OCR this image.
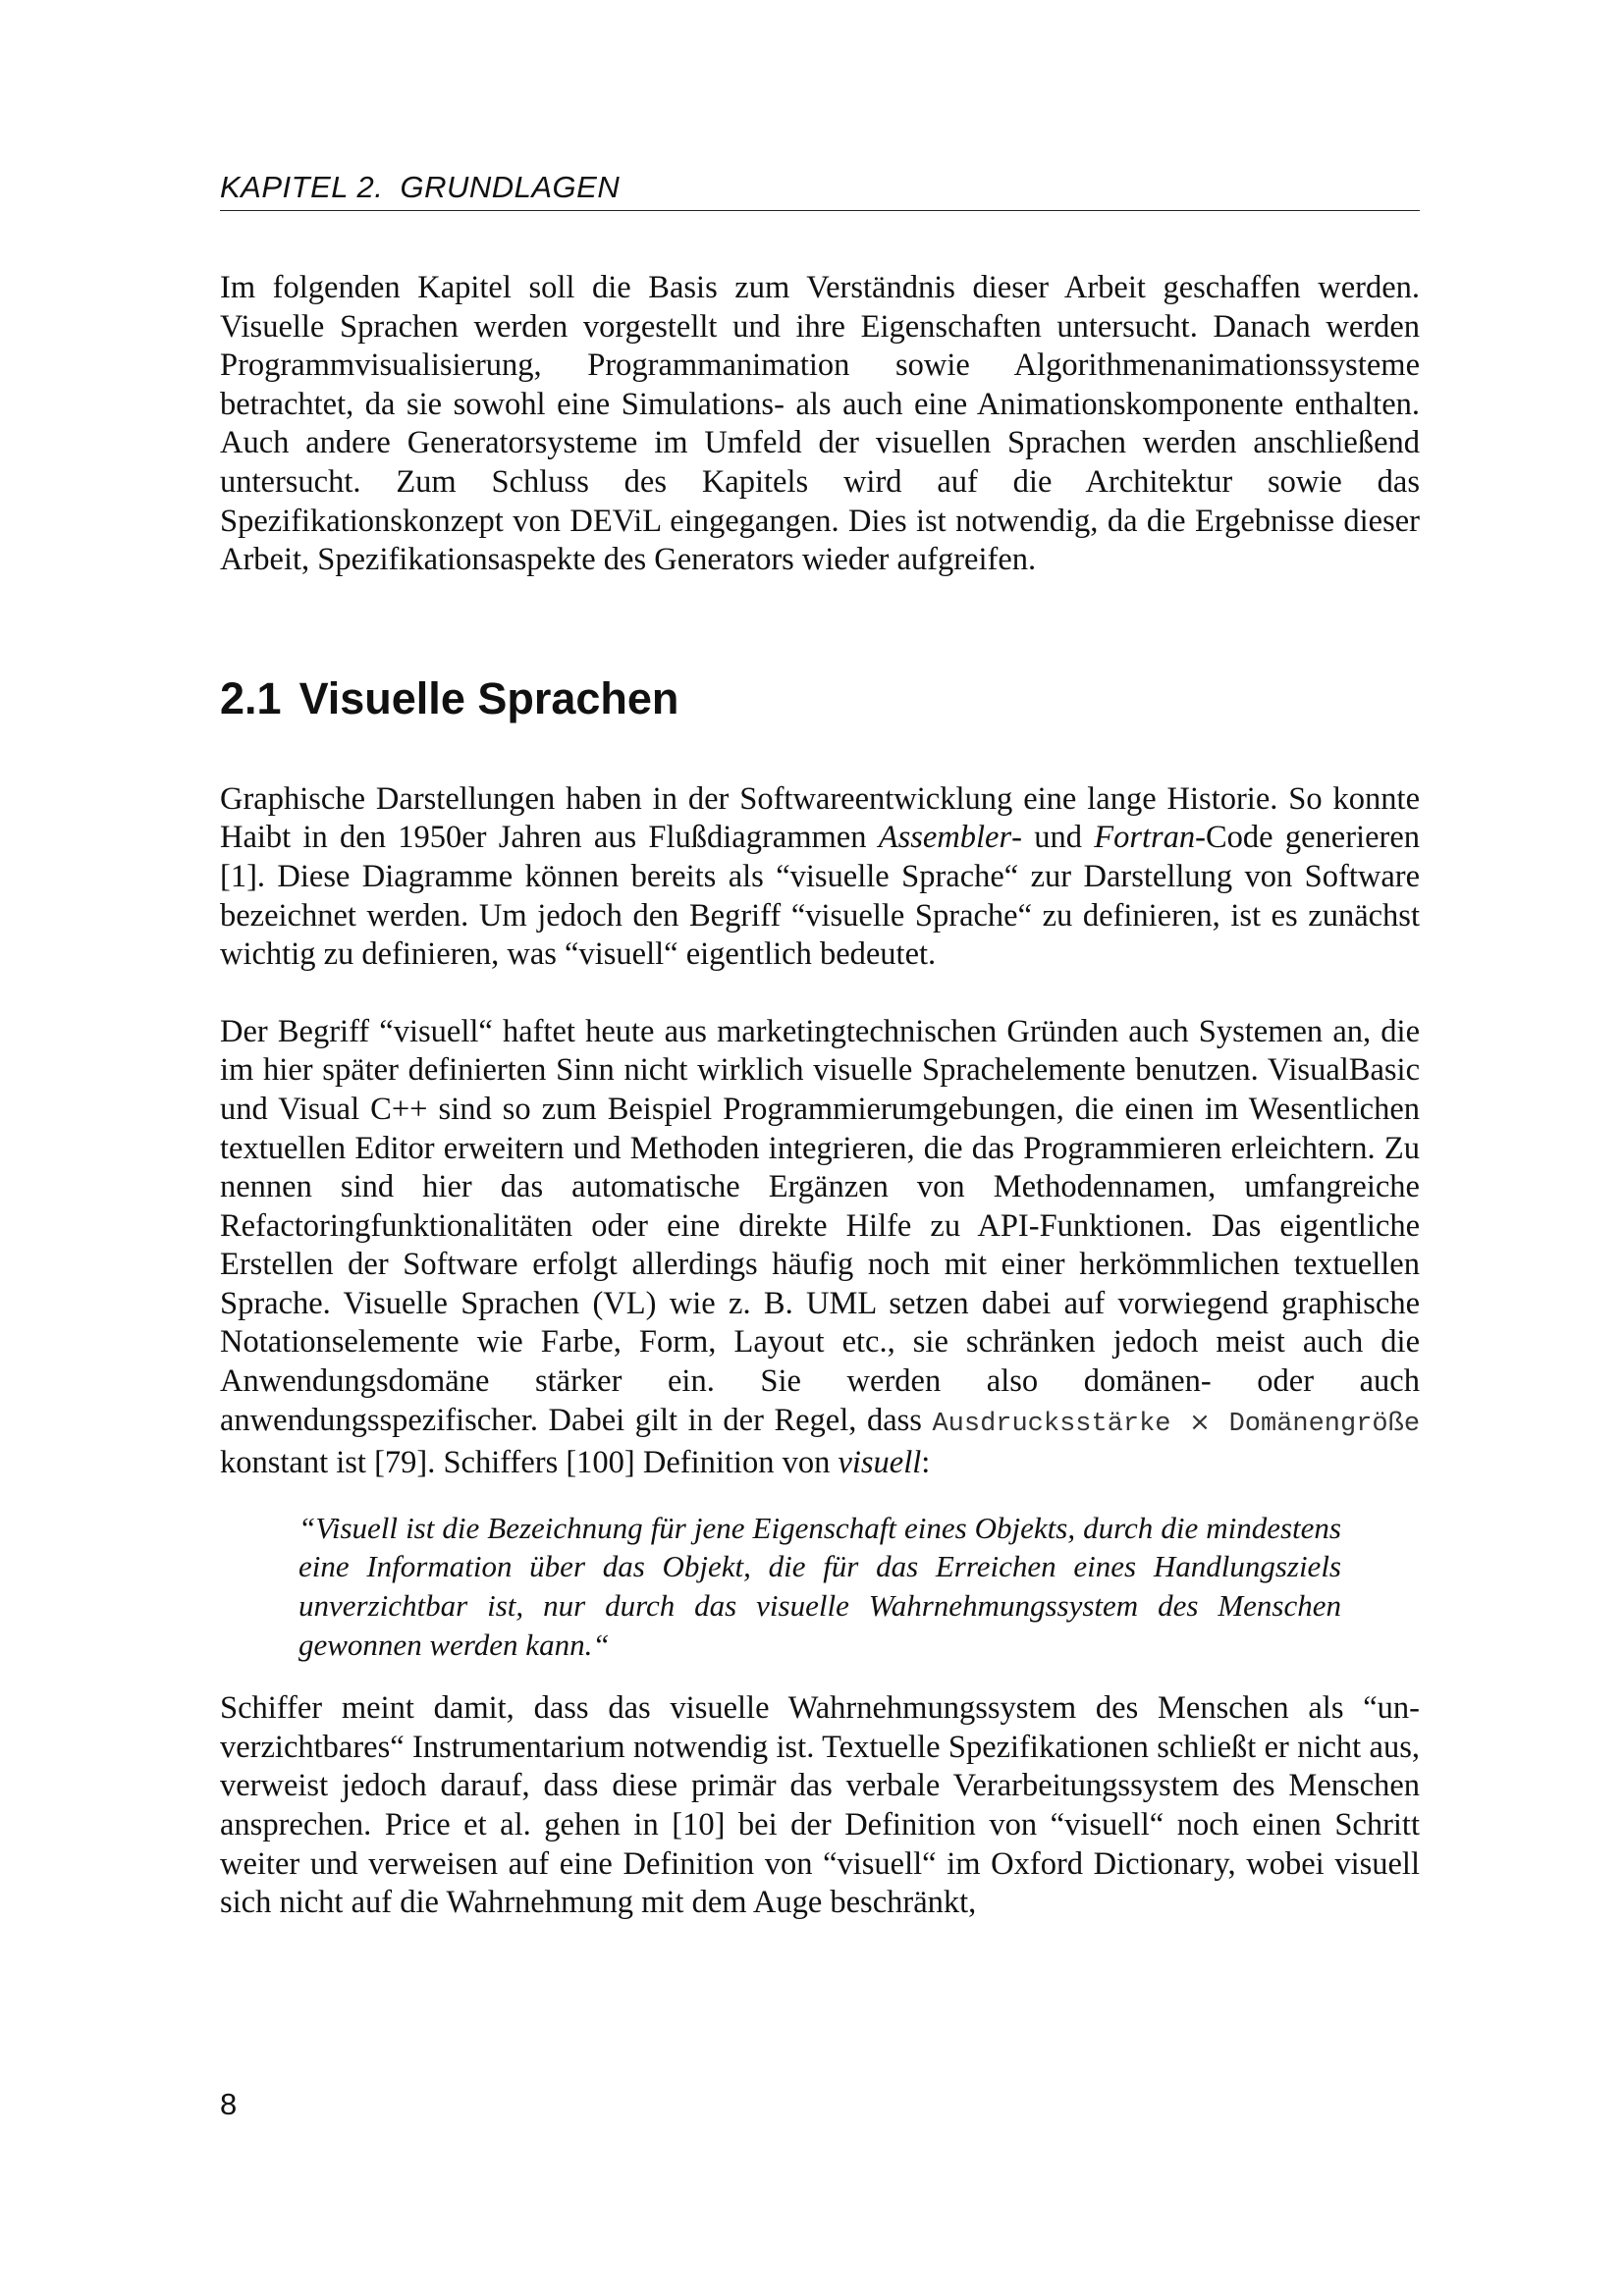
KAPITEL 2. GRUNDLAGEN

Im folgenden Kapitel soll die Basis zum Verständnis dieser Arbeit geschaffen werden. Visuelle Sprachen werden vorgestellt und ihre Eigenschaften untersucht. Danach werden Programmvisualisierung, Programmanimation sowie Algorithmenanimationssysteme betrachtet, da sie sowohl eine Simulations- als auch eine Animationskomponente enthalten. Auch andere Generatorsysteme im Umfeld der visuellen Sprachen werden anschließend untersucht. Zum Schluss des Kapitels wird auf die Architektur sowie das Spezifikationskonzept von DEViL eingegangen. Dies ist notwendig, da die Ergebnisse dieser Arbeit, Spezifikationsaspekte des Generators wieder aufgreifen.

2.1 Visuelle Sprachen

Graphische Darstellungen haben in der Softwareentwicklung eine lange Historie. So konnte Haibt in den 1950er Jahren aus Flußdiagrammen Assembler- und Fortran-Code generieren [1]. Diese Diagramme können bereits als “visuelle Sprache“ zur Darstellung von Software bezeichnet werden. Um jedoch den Begriff “visuelle Sprache“ zu definieren, ist es zunächst wichtig zu definieren, was “visuell“ eigentlich bedeutet.

Der Begriff “visuell“ haftet heute aus marketingtechnischen Gründen auch Systemen an, die im hier später definierten Sinn nicht wirklich visuelle Sprachelemente benutzen. VisualBasic und Visual C++ sind so zum Beispiel Programmierumgebungen, die einen im Wesentlichen textuellen Editor erweitern und Methoden integrieren, die das Programmieren erleichtern. Zu nennen sind hier das automatische Ergänzen von Methodennamen, umfangreiche Refactoringfunktionalitäten oder eine direkte Hilfe zu API-Funktionen. Das eigentliche Erstellen der Software erfolgt allerdings häufig noch mit einer herkömmlichen textuellen Sprache. Visuelle Sprachen (VL) wie z. B. UML setzen dabei auf vorwiegend graphische Notationselemente wie Farbe, Form, Layout etc., sie schränken jedoch meist auch die Anwendungsdomäne stärker ein. Sie werden also domänen- oder auch anwendungsspezifischer. Dabei gilt in der Regel, dass Ausdrucksstärke × Domänengröße konstant ist [79]. Schiffers [100] Definition von visuell:

“Visuell ist die Bezeichnung für jene Eigenschaft eines Objekts, durch die mindestens eine Information über das Objekt, die für das Erreichen eines Handlungsziels unverzichtbar ist, nur durch das visuelle Wahrnehmungssystem des Menschen gewonnen werden kann.“

Schiffer meint damit, dass das visuelle Wahrnehmungssystem des Menschen als “unverzichtbares“ Instrumentarium notwendig ist. Textuelle Spezifikationen schließt er nicht aus, verweist jedoch darauf, dass diese primär das verbale Verarbeitungssystem des Menschen ansprechen. Price et al. gehen in [10] bei der Definition von “visuell“ noch einen Schritt weiter und verweisen auf eine Definition von “visuell“ im Oxford Dictionary, wobei visuell sich nicht auf die Wahrnehmung mit dem Auge beschränkt,

8
